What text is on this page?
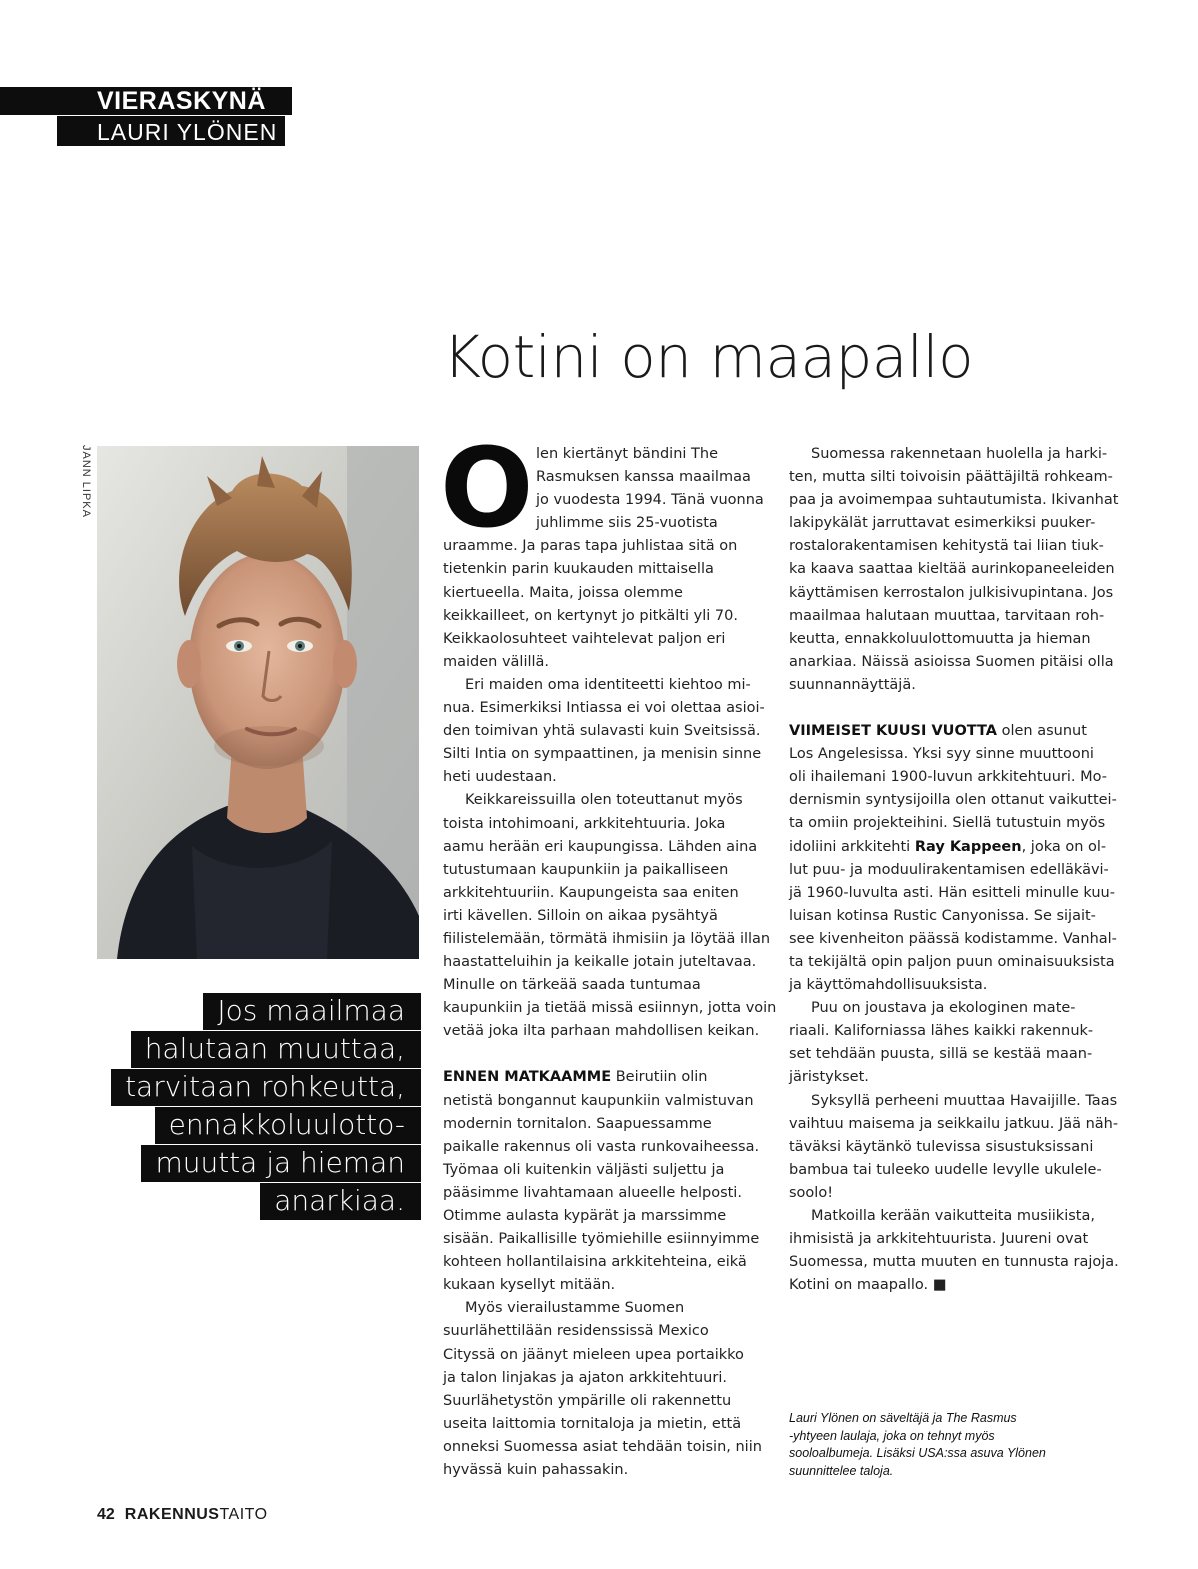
VIERASKYNÄ
LAURI YLÖNEN
Kotini on maapallo
JANN LIPKA
Jos maailmaa
halutaan muuttaa,
tarvitaan rohkeutta,
ennakkoluulotto-
muutta ja hieman
anarkiaa.
O len kiertänyt bändini The
Rasmuksen kanssa maailmaa
jo vuodesta 1994. Tänä vuonna
juhlimme siis 25-vuotista
uraamme. Ja paras tapa juhlistaa sitä on
tietenkin parin kuukauden mittaisella
kiertueella. Maita, joissa olemme
keikkailleet, on kertynyt jo pitkälti yli 70.
Keikkaolosuhteet vaihtelevat paljon eri
maiden välillä.
Eri maiden oma identiteetti kiehtoo mi-
nua. Esimerkiksi Intiassa ei voi olettaa asioi-
den toimivan yhtä sulavasti kuin Sveitsissä.
Silti Intia on sympaattinen, ja menisin sinne
heti uudestaan.
Keikkareissuilla olen toteuttanut myös
toista intohimoani, arkkitehtuuria. Joka
aamu herään eri kaupungissa. Lähden aina
tutustumaan kaupunkiin ja paikalliseen
arkkitehtuuriin. Kaupungeista saa eniten
irti kävellen. Silloin on aikaa pysähtyä
fiilistelemään, törmätä ihmisiin ja löytää illan
haastatteluihin ja keikalle jotain juteltavaa.
Minulle on tärkeää saada tuntumaa
kaupunkiin ja tietää missä esiinnyn, jotta voin
vetää joka ilta parhaan mahdollisen keikan.
ENNEN MATKAAMME Beirutiin olin
netistä bongannut kaupunkiin valmistuvan
modernin tornitalon. Saapuessamme
paikalle rakennus oli vasta runkovaiheessa.
Työmaa oli kuitenkin väljästi suljettu ja
pääsimme livahtamaan alueelle helposti.
Otimme aulasta kypärät ja marssimme
sisään. Paikallisille työmiehille esiinnyimme
kohteen hollantilaisina arkkitehteina, eikä
kukaan kysellyt mitään.
Myös vierailustamme Suomen
suurlähettilään residenssissä Mexico
Cityssä on jäänyt mieleen upea portaikko
ja talon linjakas ja ajaton arkkitehtuuri.
Suurlähetystön ympärille oli rakennettu
useita laittomia tornitaloja ja mietin, että
onneksi Suomessa asiat tehdään toisin, niin
hyvässä kuin pahassakin.
Suomessa rakennetaan huolella ja harki-
ten, mutta silti toivoisin päättäjiltä rohkeam-
paa ja avoimempaa suhtautumista. Ikivanhat
lakipykälät jarruttavat esimerkiksi puuker-
rostalorakentamisen kehitystä tai liian tiuk-
ka kaava saattaa kieltää aurinkopaneeleiden
käyttämisen kerrostalon julkisivupintana. Jos
maailmaa halutaan muuttaa, tarvitaan roh-
keutta, ennakkoluulottomuutta ja hieman
anarkiaa. Näissä asioissa Suomen pitäisi olla
suunnannäyttäjä.
VIIMEISET KUUSI VUOTTA olen asunut
Los Angelesissa. Yksi syy sinne muuttooni
oli ihailemani 1900-luvun arkkitehtuuri. Mo-
dernismin syntysijoilla olen ottanut vaikuttei-
ta omiin projekteihini. Siellä tutustuin myös
idoliini arkkitehti Ray Kappeen, joka on ol-
lut puu- ja moduulirakentamisen edelläkävi-
jä 1960-luvulta asti. Hän esitteli minulle kuu-
luisan kotinsa Rustic Canyonissa. Se sijait-
see kivenheiton päässä kodistamme. Vanhal-
ta tekijältä opin paljon puun ominaisuuksista
ja käyttömahdollisuuksista.
Puu on joustava ja ekologinen mate-
riaali. Kaliforniassa lähes kaikki rakennuk-
set tehdään puusta, sillä se kestää maan-
järistykset.
Syksyllä perheeni muuttaa Havaijille. Taas
vaihtuu maisema ja seikkailu jatkuu. Jää näh-
täväksi käytänkö tulevissa sisustuksissani
bambua tai tuleeko uudelle levylle ukulele-
soolo!
Matkoilla kerään vaikutteita musiikista,
ihmisistä ja arkkitehtuurista. Juureni ovat
Suomessa, mutta muuten en tunnusta rajoja.
Kotini on maapallo. ■
Lauri Ylönen on säveltäjä ja The Rasmus
-yhtyeen laulaja, joka on tehnyt myös
sooloalbumeja. Lisäksi USA:ssa asuva Ylönen
suunnittelee taloja.
42 RAKENNUSTAITO
